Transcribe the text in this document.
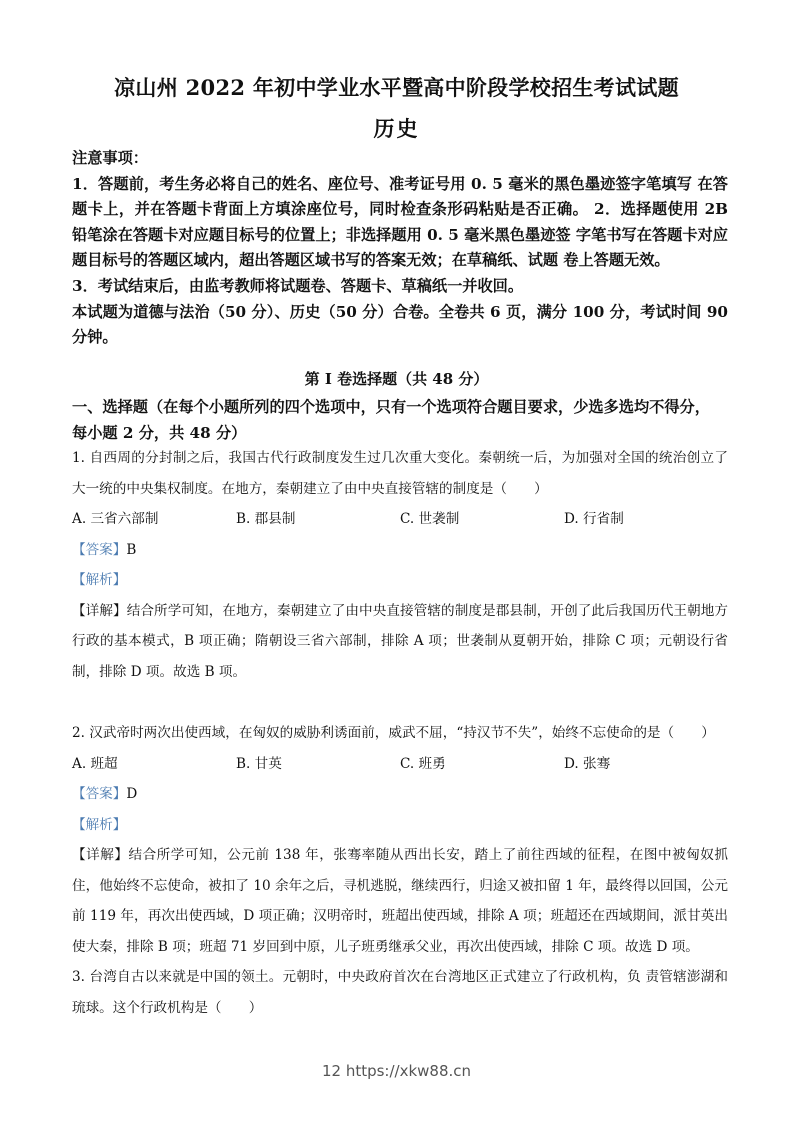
凉山州 2022 年初中学业水平暨高中阶段学校招生考试试题
历史

注意事项：

1．答题前，考生务必将自己的姓名、座位号、准考证号用 0. 5 毫米的黑色墨迹签字笔填写 在答题卡上，并在答题卡背面上方填涂座位号，同时检查条形码粘贴是否正确。 2．选择题使用 2B 铅笔涂在答题卡对应题目标号的位置上；非选择题用 0. 5 毫米黑色墨迹签 字笔书写在答题卡对应题目标号的答题区域内，超出答题区域书写的答案无效；在草稿纸、试题 卷上答题无效。

3．考试结束后，由监考教师将试题卷、答题卡、草稿纸一并收回。

本试题为道德与法治（50 分）、历史（50 分）合卷。全卷共 6 页，满分 100 分，考试时间 90 分钟。

第 I 卷选择题（共 48 分）

一、选择题（在每个小题所列的四个选项中，只有一个选项符合题目要求，少选多选均不得分， 每小题 2 分，共 48 分）

1. 自西周的分封制之后，我国古代行政制度发生过几次重大变化。秦朝统一后，为加强对全国的统治创立了大一统的中央集权制度。在地方，秦朝建立了由中央直接管辖的制度是（　　）

A. 三省六部制	B. 郡县制	C. 世袭制	D. 行省制

【答案】B

【解析】

【详解】结合所学可知，在地方，秦朝建立了由中央直接管辖的制度是郡县制，开创了此后我国历代王朝地方行政的基本模式，B 项正确；隋朝设三省六部制，排除 A 项；世袭制从夏朝开始，排除 C 项；元朝设行省制，排除 D 项。故选 B 项。

2. 汉武帝时两次出使西域，在匈奴的威胁利诱面前，威武不屈，“持汉节不失”，始终不忘使命的是（　　）

A. 班超	B. 甘英	C. 班勇	D. 张骞

【答案】D

【解析】

【详解】结合所学可知，公元前 138 年，张骞率随从西出长安，踏上了前往西域的征程，在图中被匈奴抓住，他始终不忘使命，被扣了 10 余年之后，寻机逃脱，继续西行，归途又被扣留 1 年，最终得以回国，公元前 119 年，再次出使西域，D 项正确；汉明帝时，班超出使西域，排除 A 项；班超还在西域期间，派甘英出使大秦，排除 B 项；班超 71 岁回到中原，儿子班勇继承父业，再次出使西域，排除 C 项。故选 D 项。

3. 台湾自古以来就是中国的领土。元朝时，中央政府首次在台湾地区正式建立了行政机构，负 责管辖澎湖和琉球。这个行政机构是（　　）

12 https://xkw88.cn
